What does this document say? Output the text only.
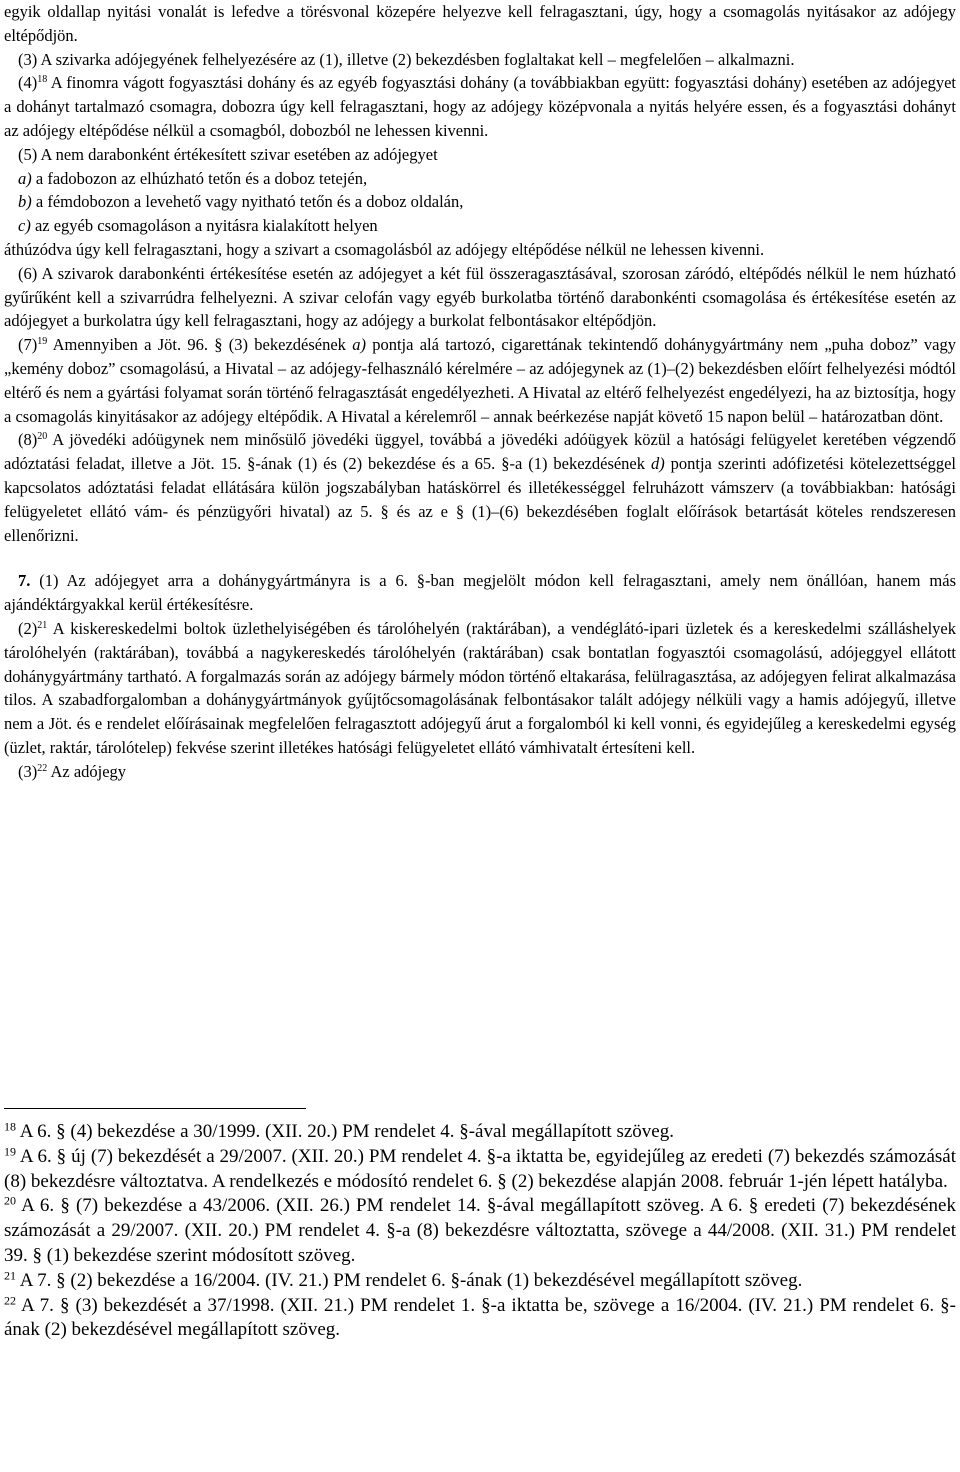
egyik oldallap nyitási vonalát is lefedve a törésvonal közepére helyezve kell felragasztani, úgy, hogy a csomagolás nyitásakor az adójegy eltépődjön.

(3) A szivarka adójegyének felhelyezésére az (1), illetve (2) bekezdésben foglaltakat kell – megfelelően – alkalmazni.

$(4)^{18}$ A finomra vágott fogyasztási dohány és az egyéb fogyasztási dohány (a továbbiakban együtt: fogyasztási dohány) esetében az adójegyet a dohányt tartalmazó csomagra, dobozra úgy kell felragasztani, hogy az adójegy középvonala a nyitás helyére essen, és a fogyasztási dohányt az adójegy eltépődése nélkül a csomagból, dobozból ne lehessen kivenni.

(5) A nem darabonként értékesített szivar esetében az adójegyet

a) a fadobozon az elhúzható tetőn és a doboz tetején,

b) a fémdobozon a levehető vagy nyitható tetőn és a doboz oldalán,

c) az egyéb csomagoláson a nyitásra kialakított helyen

áthúzódva úgy kell felragasztani, hogy a szivart a csomagolásból az adójegy eltépődése nélkül ne lehessen kivenni.

(6) A szivarok darabonkénti értékesítése esetén az adójegyet a két fül összeragasztásával, szorosan záródó, eltépődés nélkül le nem húzható gyűrűként kell a szivarrúdra felhelyezni. A szivar celofán vagy egyéb burkolatba történő darabonkénti csomagolása és értékesítése esetén az adójegyet a burkolatra úgy kell felragasztani, hogy az adójegy a burkolat felbontásakor eltépődjön.

$(7)^{19}$ Amennyiben a Jöt. 96. § (3) bekezdésének a) pontja alá tartozó, cigarettának tekintendő dohánygyártmány nem „puha doboz” vagy „kemény doboz” csomagolású, a Hivatal – az adójegy-felhasználó kérelmére – az adójegynek az (1)–(2) bekezdésben előírt felhelyezési módtól eltérő és nem a gyártási folyamat során történő felragasztását engedélyezheti. A Hivatal az eltérő felhelyezést engedélyezi, ha az biztosítja, hogy a csomagolás kinyitásakor az adójegy eltépődik. A Hivatal a kérelemről – annak beérkezése napját követő 15 napon belül – határozatban dönt.

$(8)^{20}$ A jövedéki adóügynek nem minősülő jövedéki üggyel, továbbá a jövedéki adóügyek közül a hatósági felügyelet keretében végzendő adóztatási feladat, illetve a Jöt. 15. §-ának (1) és (2) bekezdése és a 65. §-a (1) bekezdésének d) pontja szerinti adófizetési kötelezettséggel kapcsolatos adóztatási feladat ellátására külön jogszabályban hatáskörrel és illetékességgel felruházott vámszerv (a továbbiakban: hatósági felügyeletet ellátó vám- és pénzügyőri hivatal) az 5. § és az e § (1)–(6) bekezdésében foglalt előírások betartását köteles rendszeresen ellenőrizni.

7. (1) Az adójegyet arra a dohánygyártmányra is a 6. §-ban megjelölt módon kell felragasztani, amely nem önállóan, hanem más ajándéktárgyakkal kerül értékesítésre.

$(2)^{21}$ A kiskereskedelmi boltok üzlethelyiségében és tárolóhelyén (raktárában), a vendéglátó-ipari üzletek és a kereskedelmi szálláshelyek tárolóhelyén (raktárában), továbbá a nagykereskedés tárolóhelyén (raktárában) csak bontatlan fogyasztói csomagolású, adójeggyel ellátott dohánygyártmány tartható. A forgalmazás során az adójegy bármely módon történő eltakarása, felülragasztása, az adójegyen felirat alkalmazása tilos. A szabadforgalomban a dohánygyártmányok gyűjtőcsomagolásának felbontásakor talált adójegy nélküli vagy a hamis adójegyű, illetve nem a Jöt. és e rendelet előírásainak megfelelően felragasztott adójegyű árut a forgalomból ki kell vonni, és egyidejűleg a kereskedelmi egység (üzlet, raktár, tárolótelep) fekvése szerint illetékes hatósági felügyeletet ellátó vámhivatalt értesíteni kell.

$(3)^{22}$ Az adójegy

$^{18}$ A 6. § (4) bekezdése a 30/1999. (XII. 20.) PM rendelet 4. §-ával megállapított szöveg.

$^{19}$ A 6. § új (7) bekezdését a 29/2007. (XII. 20.) PM rendelet 4. §-a iktatta be, egyidejűleg az eredeti (7) bekezdés számozását (8) bekezdésre változtatva. A rendelkezés e módosító rendelet 6. § (2) bekezdése alapján 2008. február 1-jén lépett hatályba.

$^{20}$ A 6. § (7) bekezdése a 43/2006. (XII. 26.) PM rendelet 14. §-ával megállapított szöveg. A 6. § eredeti (7) bekezdésének számozását a 29/2007. (XII. 20.) PM rendelet 4. §-a (8) bekezdésre változtatta, szövege a 44/2008. (XII. 31.) PM rendelet 39. § (1) bekezdése szerint módosított szöveg.

$^{21}$ A 7. § (2) bekezdése a 16/2004. (IV. 21.) PM rendelet 6. §-ának (1) bekezdésével megállapított szöveg.

$^{22}$ A 7. § (3) bekezdését a 37/1998. (XII. 21.) PM rendelet 1. §-a iktatta be, szövege a 16/2004. (IV. 21.) PM rendelet 6. §-ának (2) bekezdésével megállapított szöveg.
